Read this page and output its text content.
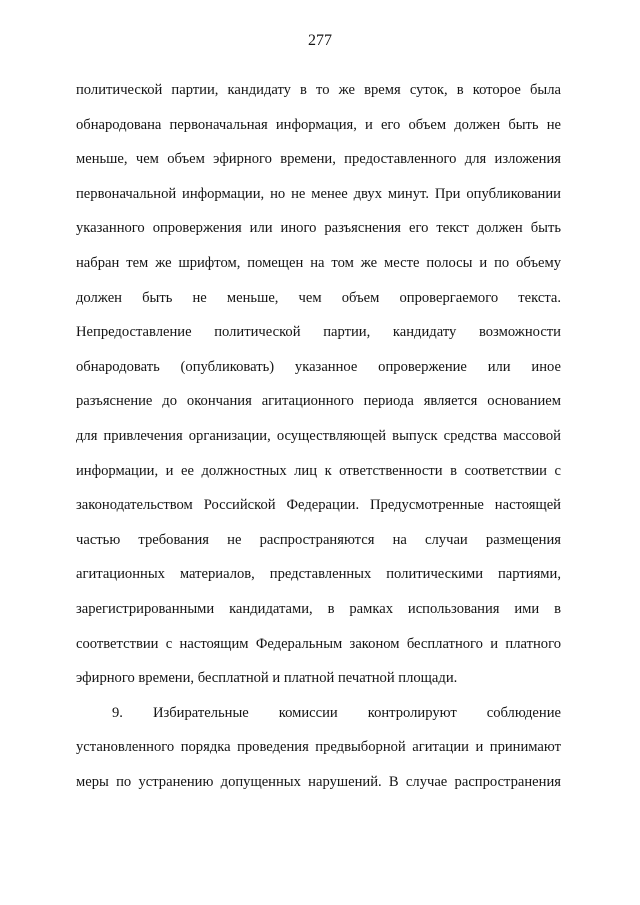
277
политической партии, кандидату в то же время суток, в которое была
обнародована первоначальная информация, и его объем должен быть не
меньше, чем объем эфирного времени, предоставленного для изложения
первоначальной информации, но не менее двух минут. При опубликовании
указанного опровержения или иного разъяснения его текст должен быть
набран тем же шрифтом, помещен на том же месте полосы и по объему
должен быть не меньше, чем объем опровергаемого текста.
Непредоставление политической партии, кандидату возможности
обнародовать (опубликовать) указанное опровержение или иное
разъяснение до окончания агитационного периода является основанием
для привлечения организации, осуществляющей выпуск средства массовой
информации, и ее должностных лиц к ответственности в соответствии с
законодательством Российской Федерации. Предусмотренные настоящей
частью требования не распространяются на случаи размещения
агитационных материалов, представленных политическими партиями,
зарегистрированными кандидатами, в рамках использования ими в
соответствии с настоящим Федеральным законом бесплатного и платного
эфирного времени, бесплатной и платной печатной площади.
9. Избирательные комиссии контролируют соблюдение
установленного порядка проведения предвыборной агитации и принимают
меры по устранению допущенных нарушений. В случае распространения
